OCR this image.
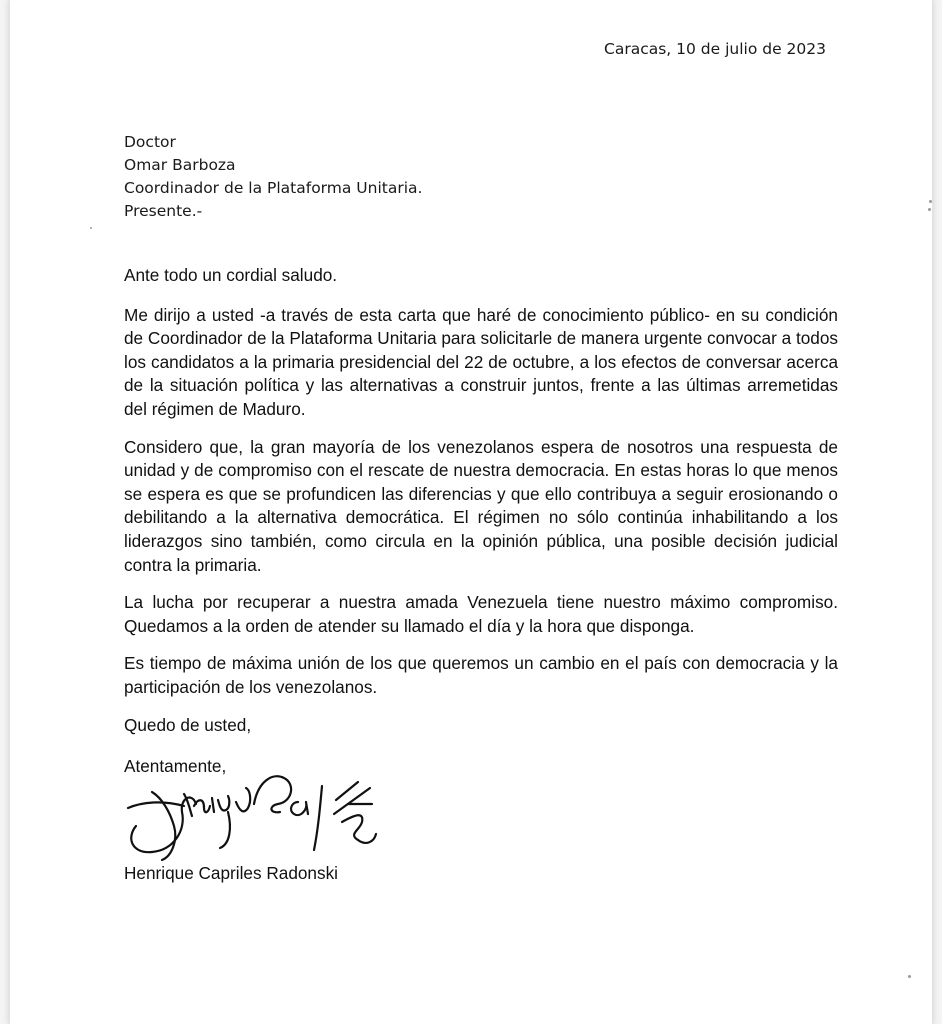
Caracas, 10 de julio de 2023
Doctor
Omar Barboza
Coordinador de la Plataforma Unitaria.
Presente.-

Ante todo un cordial saludo.

Me dirijo a usted -a través de esta carta que haré de conocimiento público- en su condición de Coordinador de la Plataforma Unitaria para solicitarle de manera urgente convocar a todos los candidatos a la primaria presidencial del 22 de octubre, a los efectos de conversar acerca de la situación política y las alternativas a construir juntos, frente a las últimas arremetidas del régimen de Maduro.

Considero que, la gran mayoría de los venezolanos espera de nosotros una respuesta de unidad y de compromiso con el rescate de nuestra democracia. En estas horas lo que menos se espera es que se profundicen las diferencias y que ello contribuya a seguir erosionando o debilitando a la alternativa democrática. El régimen no sólo continúa inhabilitando a los liderazgos sino también, como circula en la opinión pública, una posible decisión judicial contra la primaria.

La lucha por recuperar a nuestra amada Venezuela tiene nuestro máximo compromiso. Quedamos a la orden de atender su llamado el día y la hora que disponga.

Es tiempo de máxima unión de los que queremos un cambio en el país con democracia y la participación de los venezolanos.

Quedo de usted,

Atentamente,

Henrique Capriles Radonski
